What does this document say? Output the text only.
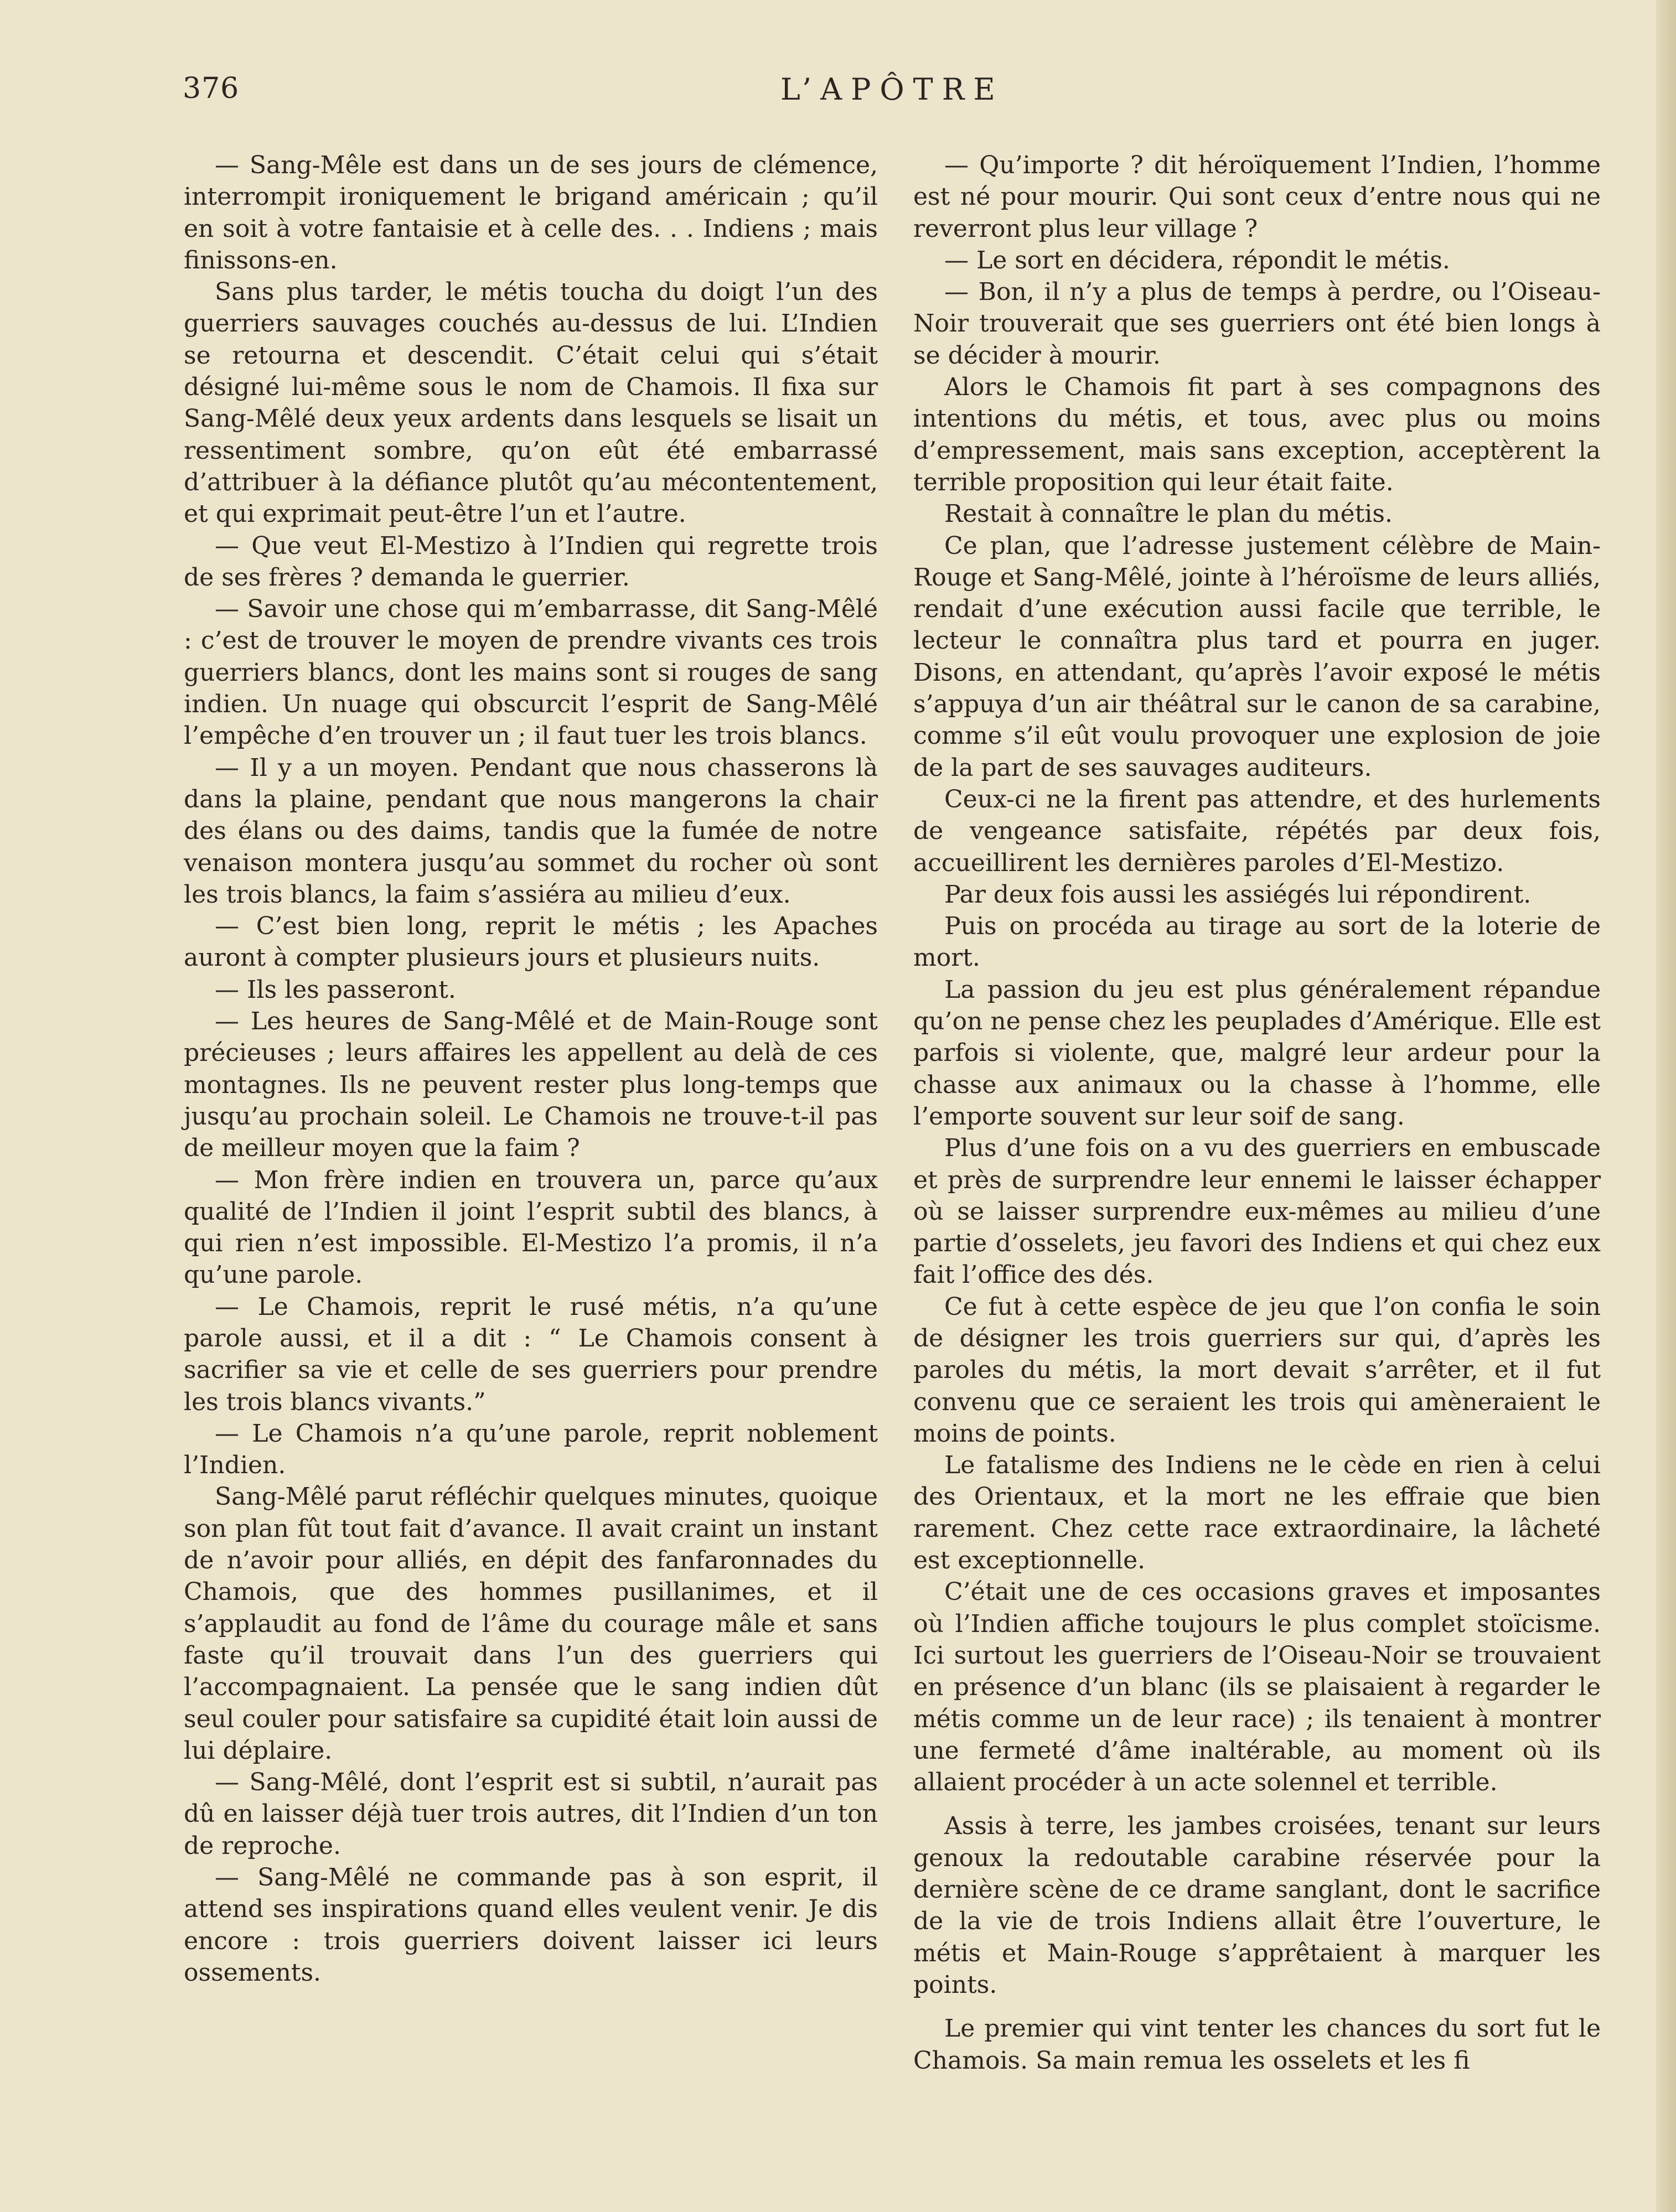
376	L’APÔTRE

— Sang-Mêle est dans un de ses jours de clémence, interrompit ironiquement le brigand américain ; qu’il en soit à votre fantaisie et à celle des. . . Indiens ; mais finissons-en.

Sans plus tarder, le métis toucha du doigt l’un des guerriers sauvages couchés au-dessus de lui. L’Indien se retourna et descendit. C’était celui qui s’était désigné lui-même sous le nom de Chamois. Il fixa sur Sang-Mêlé deux yeux ardents dans lesquels se lisait un ressentiment sombre, qu’on eût été embarrassé d’attribuer à la défiance plutôt qu’au mécontentement, et qui exprimait peut-être l’un et l’autre.

— Que veut El-Mestizo à l’Indien qui regrette trois de ses frères ? demanda le guerrier.

— Savoir une chose qui m’embarrasse, dit Sang-Mêlé : c’est de trouver le moyen de prendre vivants ces trois guerriers blancs, dont les mains sont si rouges de sang indien. Un nuage qui obscurcit l’esprit de Sang-Mêlé l’empêche d’en trouver un ; il faut tuer les trois blancs.

— Il y a un moyen. Pendant que nous chasserons là dans la plaine, pendant que nous mangerons la chair des élans ou des daims, tandis que la fumée de notre venaison montera jusqu’au sommet du rocher où sont les trois blancs, la faim s’assiéra au milieu d’eux.

— C’est bien long, reprit le métis ; les Apaches auront à compter plusieurs jours et plusieurs nuits.

— Ils les passeront.

— Les heures de Sang-Mêlé et de Main-Rouge sont précieuses ; leurs affaires les appellent au delà de ces montagnes. Ils ne peuvent rester plus long-temps que jusqu’au prochain soleil. Le Chamois ne trouve-t-il pas de meilleur moyen que la faim ?

— Mon frère indien en trouvera un, parce qu’aux qualité de l’Indien il joint l’esprit subtil des blancs, à qui rien n’est impossible. El-Mestizo l’a promis, il n’a qu’une parole.

— Le Chamois, reprit le rusé métis, n’a qu’une parole aussi, et il a dit : “ Le Chamois consent à sacrifier sa vie et celle de ses guerriers pour prendre les trois blancs vivants.”

— Le Chamois n’a qu’une parole, reprit noblement l’Indien.

Sang-Mêlé parut réfléchir quelques minutes, quoique son plan fût tout fait d’avance. Il avait craint un instant de n’avoir pour alliés, en dépit des fanfaronnades du Chamois, que des hommes pusillanimes, et il s’applaudit au fond de l’âme du courage mâle et sans faste qu’il trouvait dans l’un des guerriers qui l’accompagnaient. La pensée que le sang indien dût seul couler pour satisfaire sa cupidité était loin aussi de lui déplaire.

— Sang-Mêlé, dont l’esprit est si subtil, n’aurait pas dû en laisser déjà tuer trois autres, dit l’Indien d’un ton de reproche.

— Sang-Mêlé ne commande pas à son esprit, il attend ses inspirations quand elles veulent venir. Je dis encore : trois guerriers doivent laisser ici leurs ossements.

— Qu’importe ? dit héroïquement l’Indien, l’homme est né pour mourir. Qui sont ceux d’entre nous qui ne reverront plus leur village ?

— Le sort en décidera, répondit le métis.

— Bon, il n’y a plus de temps à perdre, ou l’Oiseau-Noir trouverait que ses guerriers ont été bien longs à se décider à mourir.

Alors le Chamois fit part à ses compagnons des intentions du métis, et tous, avec plus ou moins d’empressement, mais sans exception, acceptèrent la terrible proposition qui leur était faite.

Restait à connaître le plan du métis.

Ce plan, que l’adresse justement célèbre de Main-Rouge et Sang-Mêlé, jointe à l’héroïsme de leurs alliés, rendait d’une exécution aussi facile que terrible, le lecteur le connaîtra plus tard et pourra en juger. Disons, en attendant, qu’après l’avoir exposé le métis s’appuya d’un air théâtral sur le canon de sa carabine, comme s’il eût voulu provoquer une explosion de joie de la part de ses sauvages auditeurs.

Ceux-ci ne la firent pas attendre, et des hurlements de vengeance satisfaite, répétés par deux fois, accueillirent les dernières paroles d’El-Mestizo.

Par deux fois aussi les assiégés lui répondirent.

Puis on procéda au tirage au sort de la loterie de mort.

La passion du jeu est plus généralement répandue qu’on ne pense chez les peuplades d’Amérique. Elle est parfois si violente, que, malgré leur ardeur pour la chasse aux animaux ou la chasse à l’homme, elle l’emporte souvent sur leur soif de sang.

Plus d’une fois on a vu des guerriers en embuscade et près de surprendre leur ennemi le laisser échapper où se laisser surprendre eux-mêmes au milieu d’une partie d’osselets, jeu favori des Indiens et qui chez eux fait l’office des dés.

Ce fut à cette espèce de jeu que l’on confia le soin de désigner les trois guerriers sur qui, d’après les paroles du métis, la mort devait s’arrêter, et il fut convenu que ce seraient les trois qui amèneraient le moins de points.

Le fatalisme des Indiens ne le cède en rien à celui des Orientaux, et la mort ne les effraie que bien rarement. Chez cette race extraordinaire, la lâcheté est exceptionnelle.

C’était une de ces occasions graves et imposantes où l’Indien affiche toujours le plus complet stoïcisme. Ici surtout les guerriers de l’Oiseau-Noir se trouvaient en présence d’un blanc (ils se plaisaient à regarder le métis comme un de leur race) ; ils tenaient à montrer une fermeté d’âme inaltérable, au moment où ils allaient procéder à un acte solennel et terrible.

Assis à terre, les jambes croisées, tenant sur leurs genoux la redoutable carabine réservée pour la dernière scène de ce drame sanglant, dont le sacrifice de la vie de trois Indiens allait être l’ouverture, le métis et Main-Rouge s’apprêtaient à marquer les points.

Le premier qui vint tenter les chances du sort fut le Chamois. Sa main remua les osselets et les fi
